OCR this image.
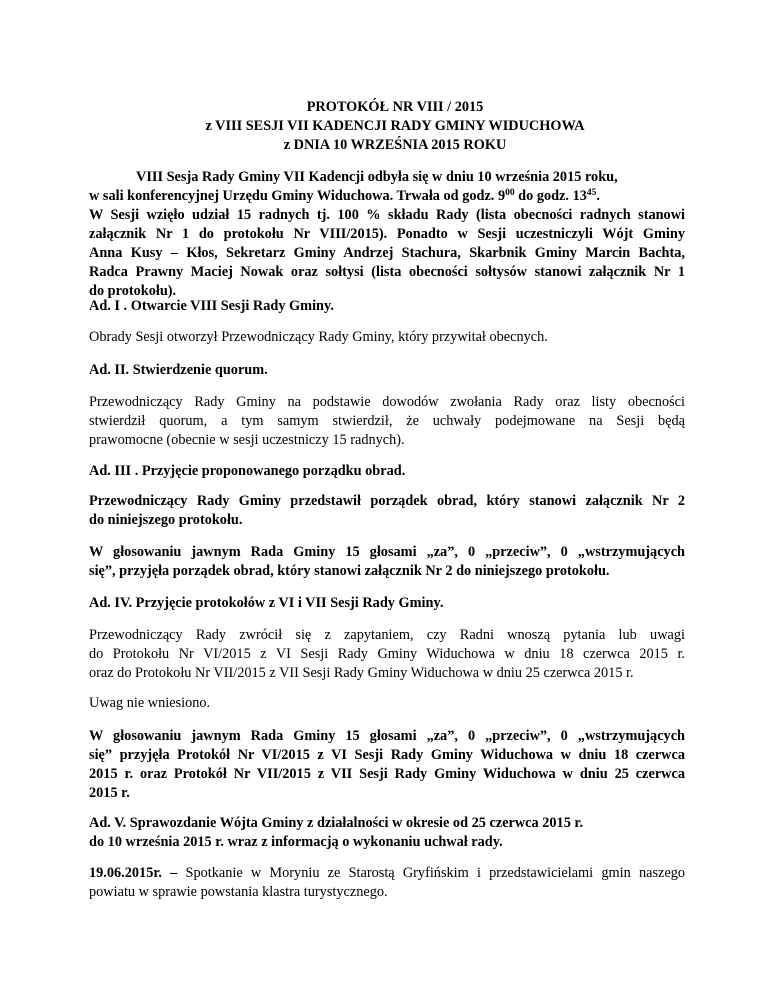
PROTOKÓŁ NR VIII / 2015
z VIII SESJI VII KADENCJI RADY GMINY WIDUCHOWA
z DNIA 10 WRZEŚNIA 2015 ROKU
VIII Sesja Rady Gminy VII Kadencji odbyła się w dniu 10 września 2015 roku,
w sali konferencyjnej Urzędu Gminy Widuchowa. Trwała od godz. $9^{00}$ do godz. $13^{45}$.
W Sesji wzięło udział 15 radnych tj. 100 % składu Rady (lista obecności radnych stanowi
załącznik Nr 1 do protokołu Nr VIII/2015). Ponadto w Sesji uczestniczyli Wójt Gminy
Anna Kusy – Kłos, Sekretarz Gminy Andrzej Stachura, Skarbnik Gminy Marcin Bachta,
Radca Prawny Maciej Nowak oraz sołtysi (lista obecności sołtysów stanowi załącznik Nr 1
do protokołu).
Ad. I . Otwarcie VIII Sesji Rady Gminy.
Obrady Sesji otworzył Przewodniczący Rady Gminy, który przywitał obecnych.
Ad. II. Stwierdzenie quorum.
Przewodniczący Rady Gminy na podstawie dowodów zwołania Rady oraz listy obecności
stwierdził quorum, a tym samym stwierdził, że uchwały podejmowane na Sesji będą
prawomocne (obecnie w sesji uczestniczy 15 radnych).
Ad. III . Przyjęcie proponowanego porządku obrad.
Przewodniczący Rady Gminy przedstawił porządek obrad, który stanowi załącznik Nr 2
do niniejszego protokołu.
W głosowaniu jawnym Rada Gminy 15 głosami „za”, 0 „przeciw”, 0 „wstrzymujących
się”, przyjęła porządek obrad, który stanowi załącznik Nr 2 do niniejszego protokołu.
Ad. IV. Przyjęcie protokołów z VI i VII Sesji Rady Gminy.
Przewodniczący Rady zwrócił się z zapytaniem, czy Radni wnoszą pytania lub uwagi
do Protokołu Nr VI/2015 z VI Sesji Rady Gminy Widuchowa w dniu 18 czerwca 2015 r.
oraz do Protokołu Nr VII/2015 z VII Sesji Rady Gminy Widuchowa w dniu 25 czerwca 2015 r.
Uwag nie wniesiono.
W głosowaniu jawnym Rada Gminy 15 głosami „za”, 0 „przeciw”, 0 „wstrzymujących
się” przyjęła Protokół Nr VI/2015 z VI Sesji Rady Gminy Widuchowa w dniu 18 czerwca
2015 r. oraz Protokół Nr VII/2015 z VII Sesji Rady Gminy Widuchowa w dniu 25 czerwca
2015 r.
Ad. V. Sprawozdanie Wójta Gminy z działalności w okresie od 25 czerwca 2015 r.
do 10 września 2015 r. wraz z informacją o wykonaniu uchwał rady.
19.06.2015r. – Spotkanie w Moryniu ze Starostą Gryfińskim i przedstawicielami gmin naszego
powiatu w sprawie powstania klastra turystycznego.
